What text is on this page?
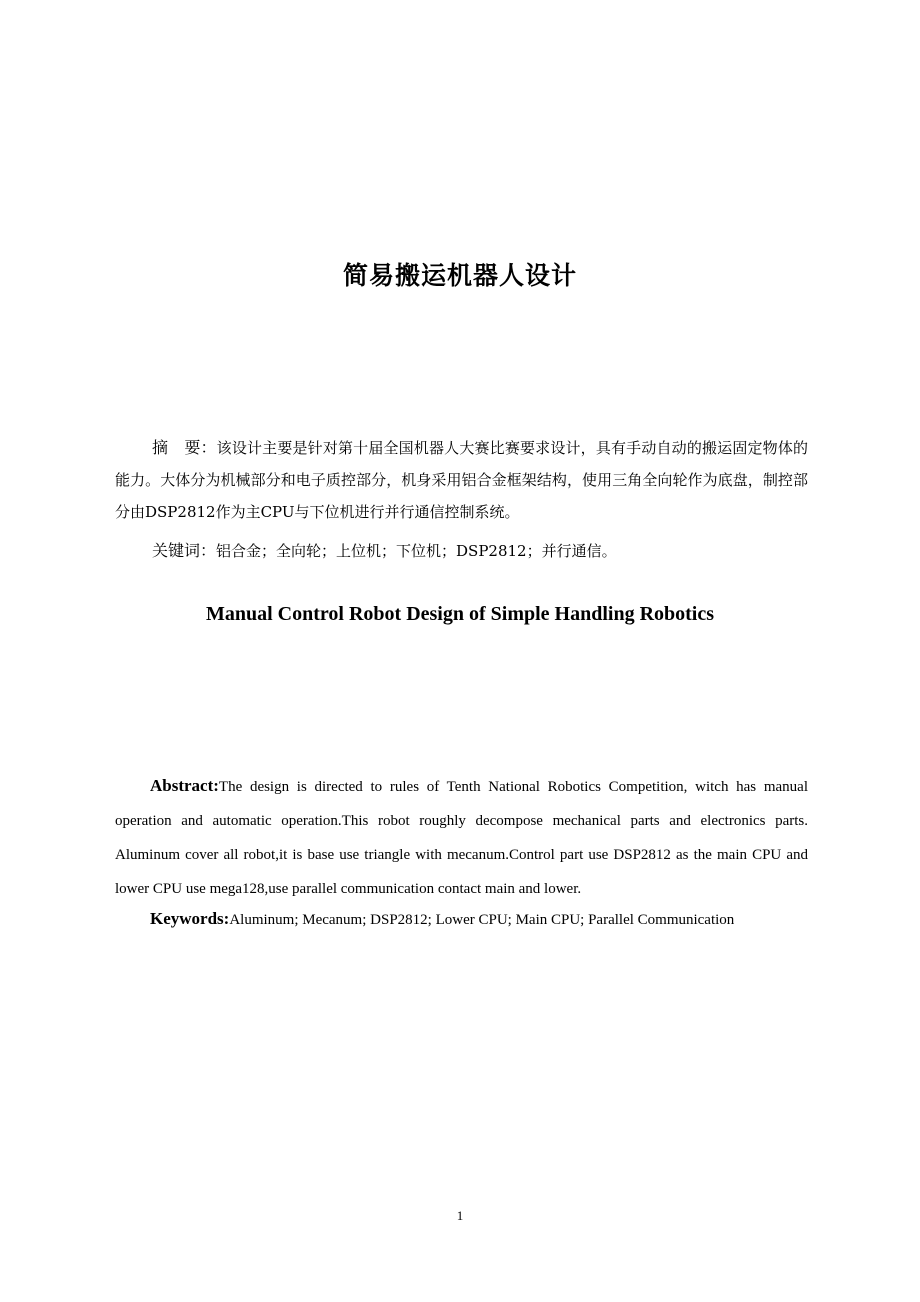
简易搬运机器人设计

摘　要：该设计主要是针对第十届全国机器人大赛比赛要求设计，具有手动自动的搬运固定物体的能力。大体分为机械部分和电子质控部分，机身采用铝合金框架结构，使用三角全向轮作为底盘，制控部分由DSP2812作为主CPU与下位机进行并行通信控制系统。

关键词：铝合金；全向轮；上位机；下位机；DSP2812；并行通信。
Manual Control Robot Design of Simple Handling Robotics

Abstract:The design is directed to rules of Tenth National Robotics Competition, witch has manual operation and automatic operation.This robot roughly decompose mechanical parts and electronics parts. Aluminum cover all robot,it is base use triangle with mecanum.Control part use DSP2812 as the main CPU and lower CPU use mega128,use parallel communication contact main and lower.

Keywords:Aluminum; Mecanum; DSP2812; Lower CPU; Main CPU; Parallel Communication
1
